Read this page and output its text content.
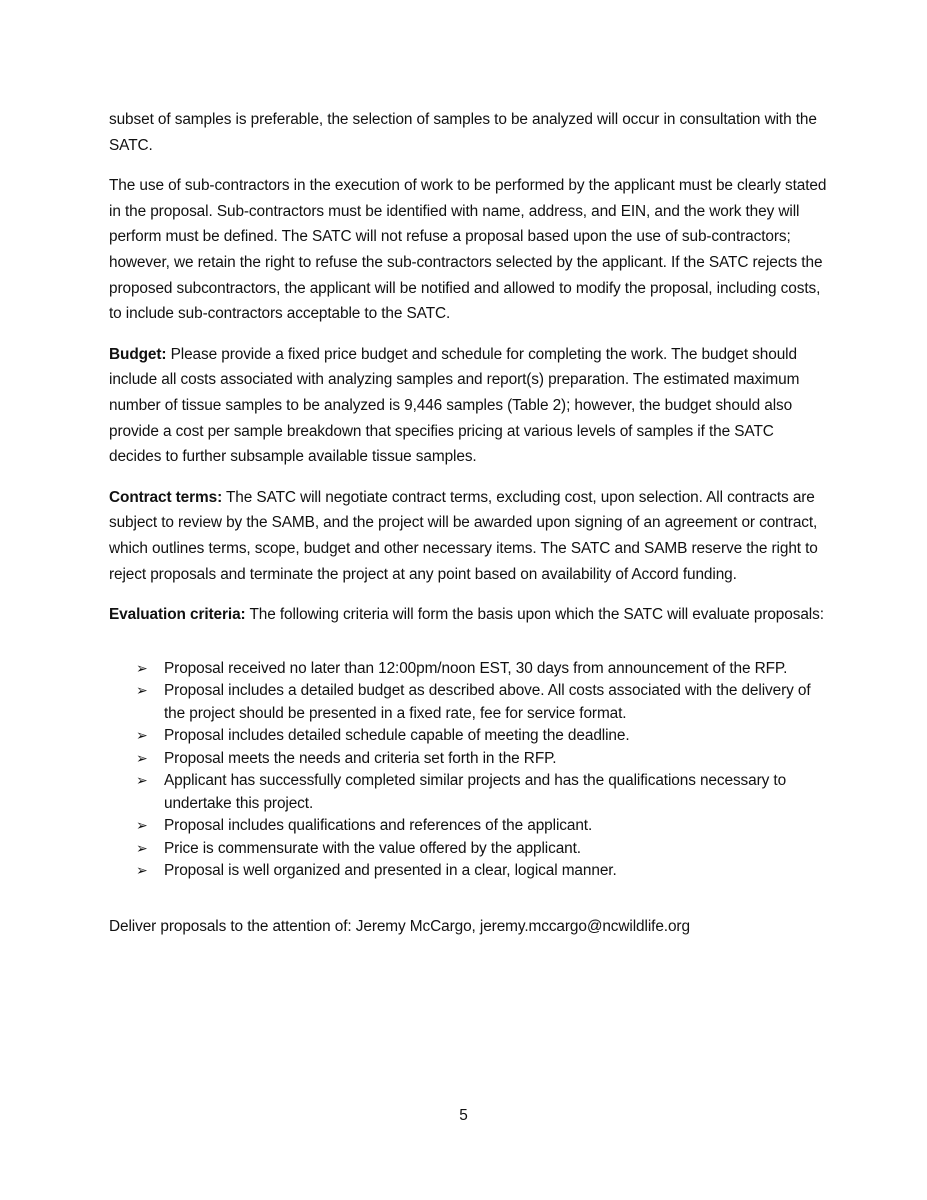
subset of samples is preferable, the selection of samples to be analyzed will occur in consultation with the SATC.

The use of sub-contractors in the execution of work to be performed by the applicant must be clearly stated in the proposal. Sub-contractors must be identified with name, address, and EIN, and the work they will perform must be defined. The SATC will not refuse a proposal based upon the use of sub-contractors; however, we retain the right to refuse the sub-contractors selected by the applicant. If the SATC rejects the proposed subcontractors, the applicant will be notified and allowed to modify the proposal, including costs, to include sub-contractors acceptable to the SATC.

Budget: Please provide a fixed price budget and schedule for completing the work. The budget should include all costs associated with analyzing samples and report(s) preparation. The estimated maximum number of tissue samples to be analyzed is 9,446 samples (Table 2); however, the budget should also provide a cost per sample breakdown that specifies pricing at various levels of samples if the SATC decides to further subsample available tissue samples.

Contract terms: The SATC will negotiate contract terms, excluding cost, upon selection. All contracts are subject to review by the SAMB, and the project will be awarded upon signing of an agreement or contract, which outlines terms, scope, budget and other necessary items. The SATC and SAMB reserve the right to reject proposals and terminate the project at any point based on availability of Accord funding.

Evaluation criteria: The following criteria will form the basis upon which the SATC will evaluate proposals:

➢ Proposal received no later than 12:00pm/noon EST, 30 days from announcement of the RFP.
➢ Proposal includes a detailed budget as described above. All costs associated with the delivery of the project should be presented in a fixed rate, fee for service format.
➢ Proposal includes detailed schedule capable of meeting the deadline.
➢ Proposal meets the needs and criteria set forth in the RFP.
➢ Applicant has successfully completed similar projects and has the qualifications necessary to undertake this project.
➢ Proposal includes qualifications and references of the applicant.
➢ Price is commensurate with the value offered by the applicant.
➢ Proposal is well organized and presented in a clear, logical manner.

Deliver proposals to the attention of: Jeremy McCargo, jeremy.mccargo@ncwildlife.org

5
